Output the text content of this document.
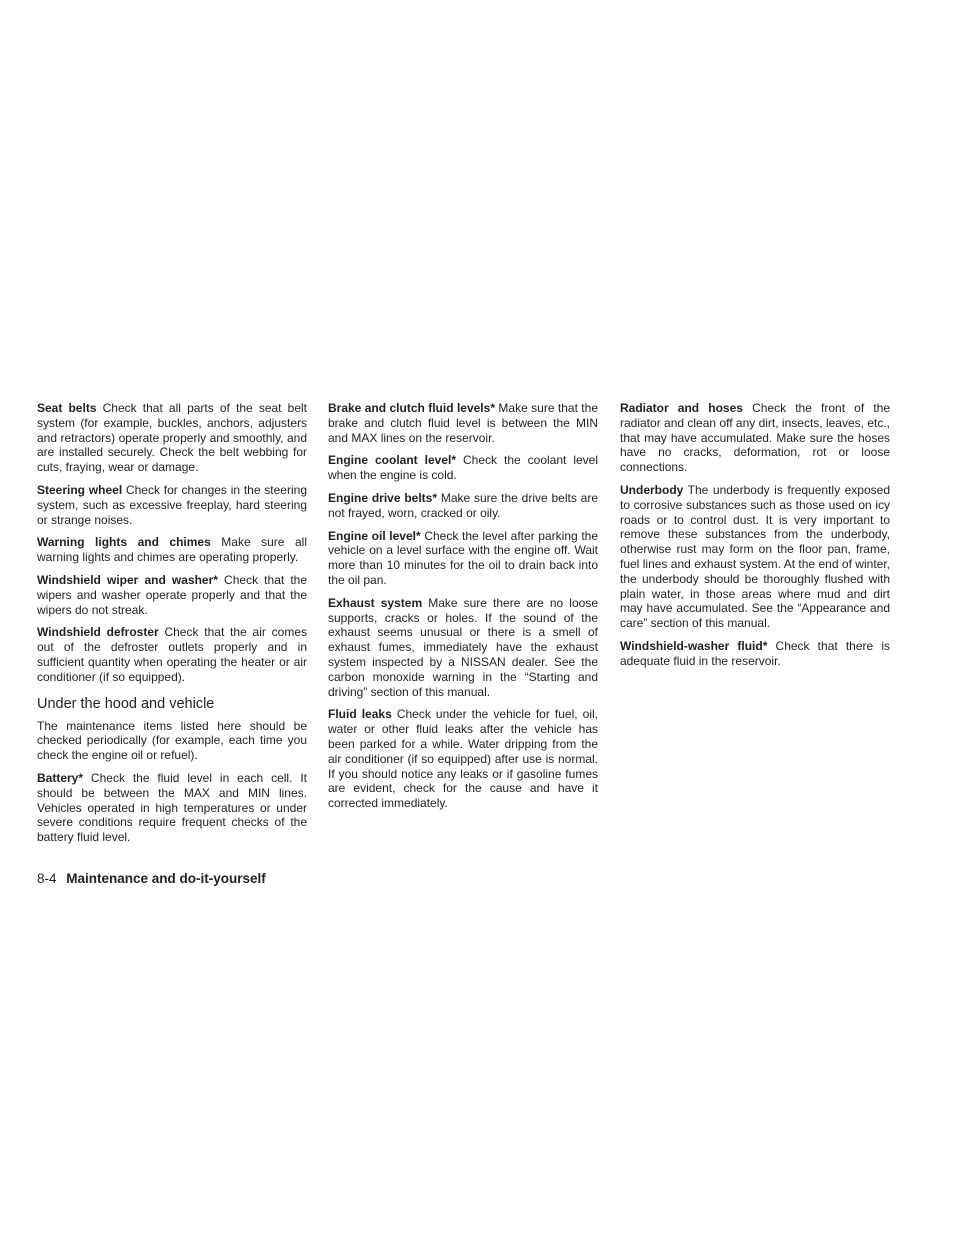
Seat belts Check that all parts of the seat belt system (for example, buckles, anchors, adjusters and retractors) operate properly and smoothly, and are installed securely. Check the belt webbing for cuts, fraying, wear or damage.

Steering wheel Check for changes in the steering system, such as excessive freeplay, hard steering or strange noises.

Warning lights and chimes Make sure all warning lights and chimes are operating properly.

Windshield wiper and washer* Check that the wipers and washer operate properly and that the wipers do not streak.

Windshield defroster Check that the air comes out of the defroster outlets properly and in sufficient quantity when operating the heater or air conditioner (if so equipped).

Under the hood and vehicle

The maintenance items listed here should be checked periodically (for example, each time you check the engine oil or refuel).

Battery* Check the fluid level in each cell. It should be between the MAX and MIN lines. Vehicles operated in high temperatures or under severe conditions require frequent checks of the battery fluid level.

Brake and clutch fluid levels* Make sure that the brake and clutch fluid level is between the MIN and MAX lines on the reservoir.

Engine coolant level* Check the coolant level when the engine is cold.

Engine drive belts* Make sure the drive belts are not frayed, worn, cracked or oily.

Engine oil level* Check the level after parking the vehicle on a level surface with the engine off. Wait more than 10 minutes for the oil to drain back into the oil pan.

Exhaust system Make sure there are no loose supports, cracks or holes. If the sound of the exhaust seems unusual or there is a smell of exhaust fumes, immediately have the exhaust system inspected by a NISSAN dealer. See the carbon monoxide warning in the “Starting and driving” section of this manual.

Fluid leaks Check under the vehicle for fuel, oil, water or other fluid leaks after the vehicle has been parked for a while. Water dripping from the air conditioner (if so equipped) after use is normal. If you should notice any leaks or if gasoline fumes are evident, check for the cause and have it corrected immediately.

Radiator and hoses Check the front of the radiator and clean off any dirt, insects, leaves, etc., that may have accumulated. Make sure the hoses have no cracks, deformation, rot or loose connections.

Underbody The underbody is frequently exposed to corrosive substances such as those used on icy roads or to control dust. It is very important to remove these substances from the underbody, otherwise rust may form on the floor pan, frame, fuel lines and exhaust system. At the end of winter, the underbody should be thoroughly flushed with plain water, in those areas where mud and dirt may have accumulated. See the “Appearance and care” section of this manual.

Windshield-washer fluid* Check that there is adequate fluid in the reservoir.

8-4 Maintenance and do-it-yourself
